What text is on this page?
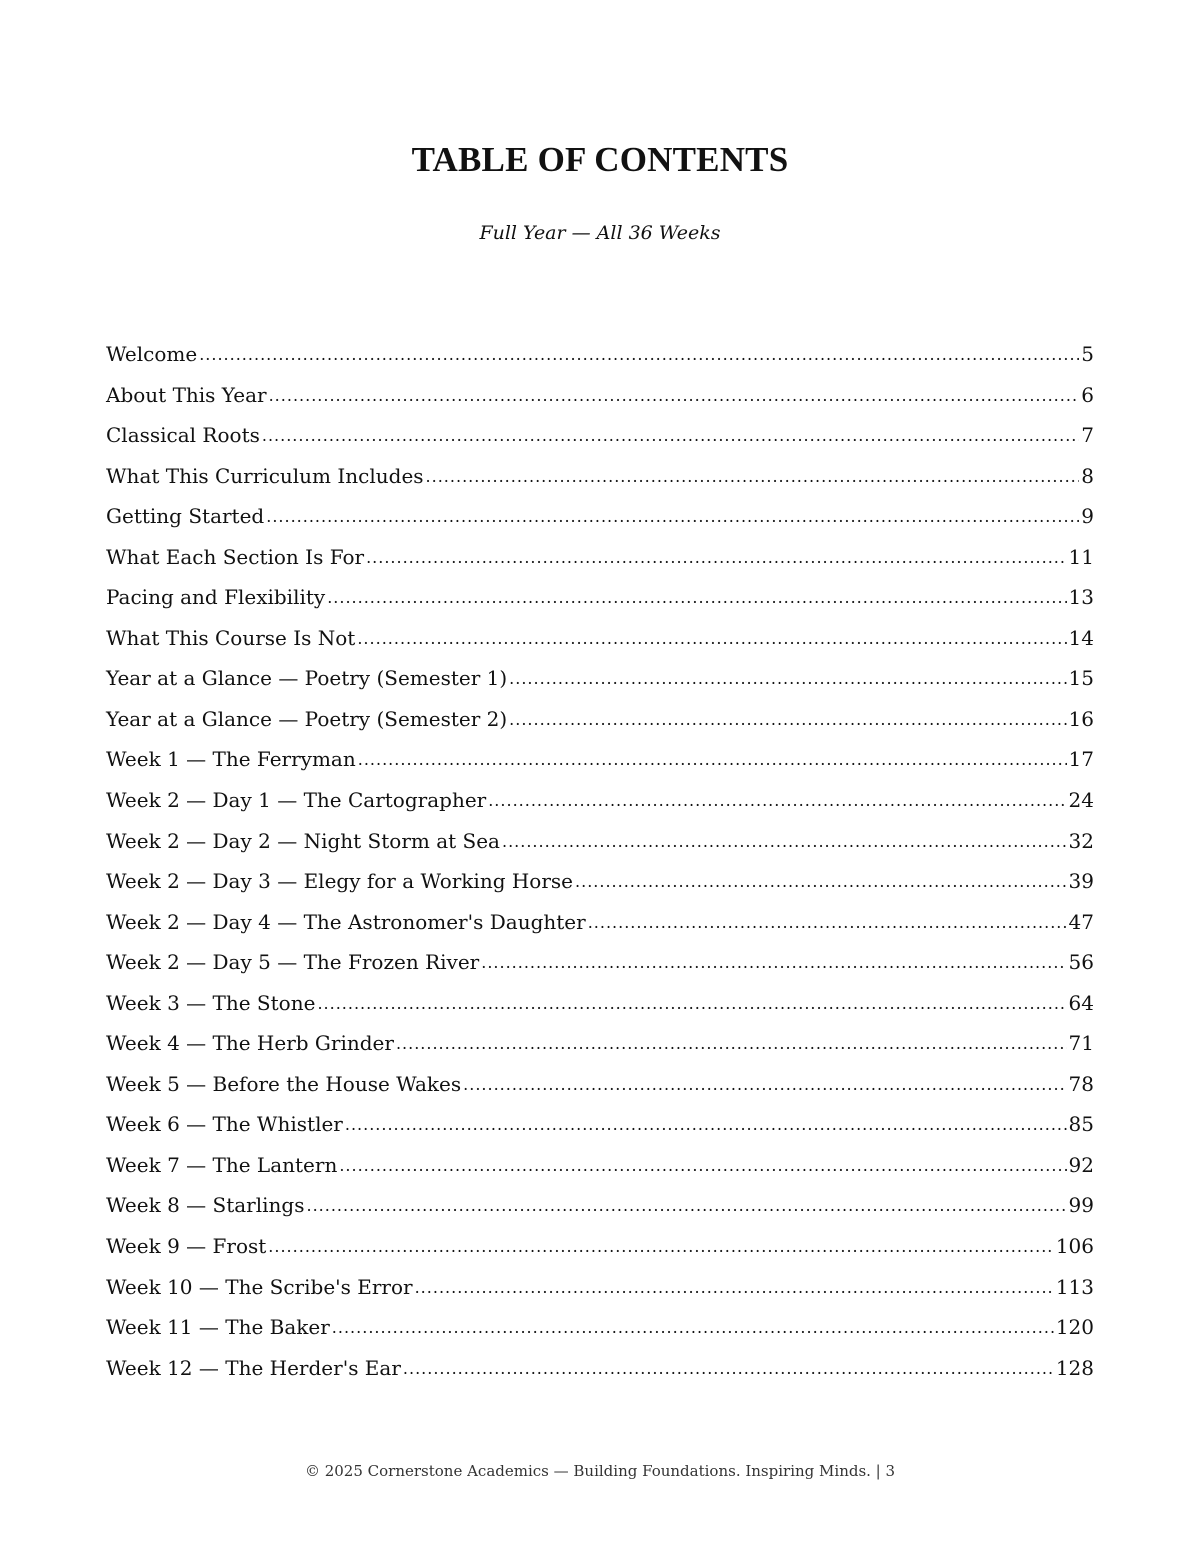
TABLE OF CONTENTS
Full Year — All 36 Weeks
Welcome .....	5
About This Year .....	6
Classical Roots .....	7
What This Curriculum Includes .....	8
Getting Started .....	9
What Each Section Is For .....	11
Pacing and Flexibility .....	13
What This Course Is Not .....	14
Year at a Glance — Poetry (Semester 1) .....	15
Year at a Glance — Poetry (Semester 2) .....	16
Week 1 — The Ferryman .....	17
Week 2 — Day 1 — The Cartographer .....	24
Week 2 — Day 2 — Night Storm at Sea .....	32
Week 2 — Day 3 — Elegy for a Working Horse .....	39
Week 2 — Day 4 — The Astronomer's Daughter .....	47
Week 2 — Day 5 — The Frozen River .....	56
Week 3 — The Stone .....	64
Week 4 — The Herb Grinder .....	71
Week 5 — Before the House Wakes .....	78
Week 6 — The Whistler .....	85
Week 7 — The Lantern .....	92
Week 8 — Starlings .....	99
Week 9 — Frost .....	106
Week 10 — The Scribe's Error .....	113
Week 11 — The Baker .....	120
Week 12 — The Herder's Ear .....	128
© 2025 Cornerstone Academics — Building Foundations. Inspiring Minds. | 3
